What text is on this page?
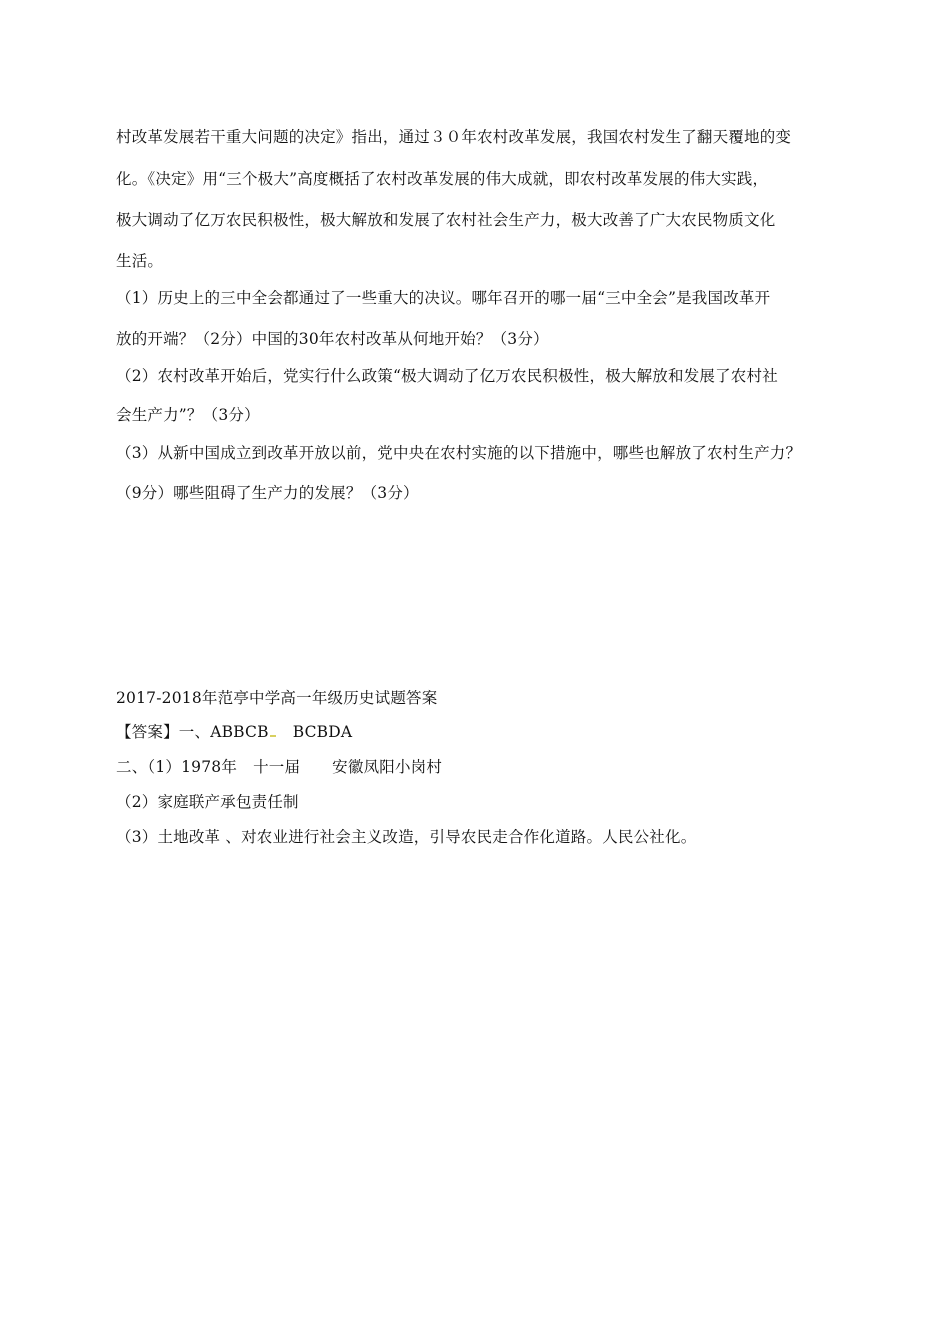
村改革发展若干重大问题的决定》指出，通过３０年农村改革发展，我国农村发生了翻天覆地的变
化。《决定》用“三个极大”高度概括了农村改革发展的伟大成就，即农村改革发展的伟大实践，
极大调动了亿万农民积极性，极大解放和发展了农村社会生产力，极大改善了广大农民物质文化
生活。
（1）历史上的三中全会都通过了一些重大的决议。哪年召开的哪一届“三中全会”是我国改革开
放的开端？（2分）中国的30年农村改革从何地开始？（3分）
（2）农村改革开始后，党实行什么政策“极大调动了亿万农民积极性，极大解放和发展了农村社
会生产力”？（3分）
（3）从新中国成立到改革开放以前，党中央在农村实施的以下措施中，哪些也解放了农村生产力？
（9分）哪些阻碍了生产力的发展？（3分）
2017-2018年范亭中学高一年级历史试题答案
【答案】一、ABBCB BCBDA
二、（1）1978年 十一届 安徽凤阳小岗村
（2）家庭联产承包责任制
（3）土地改革 、对农业进行社会主义改造，引导农民走合作化道路。人民公社化。
